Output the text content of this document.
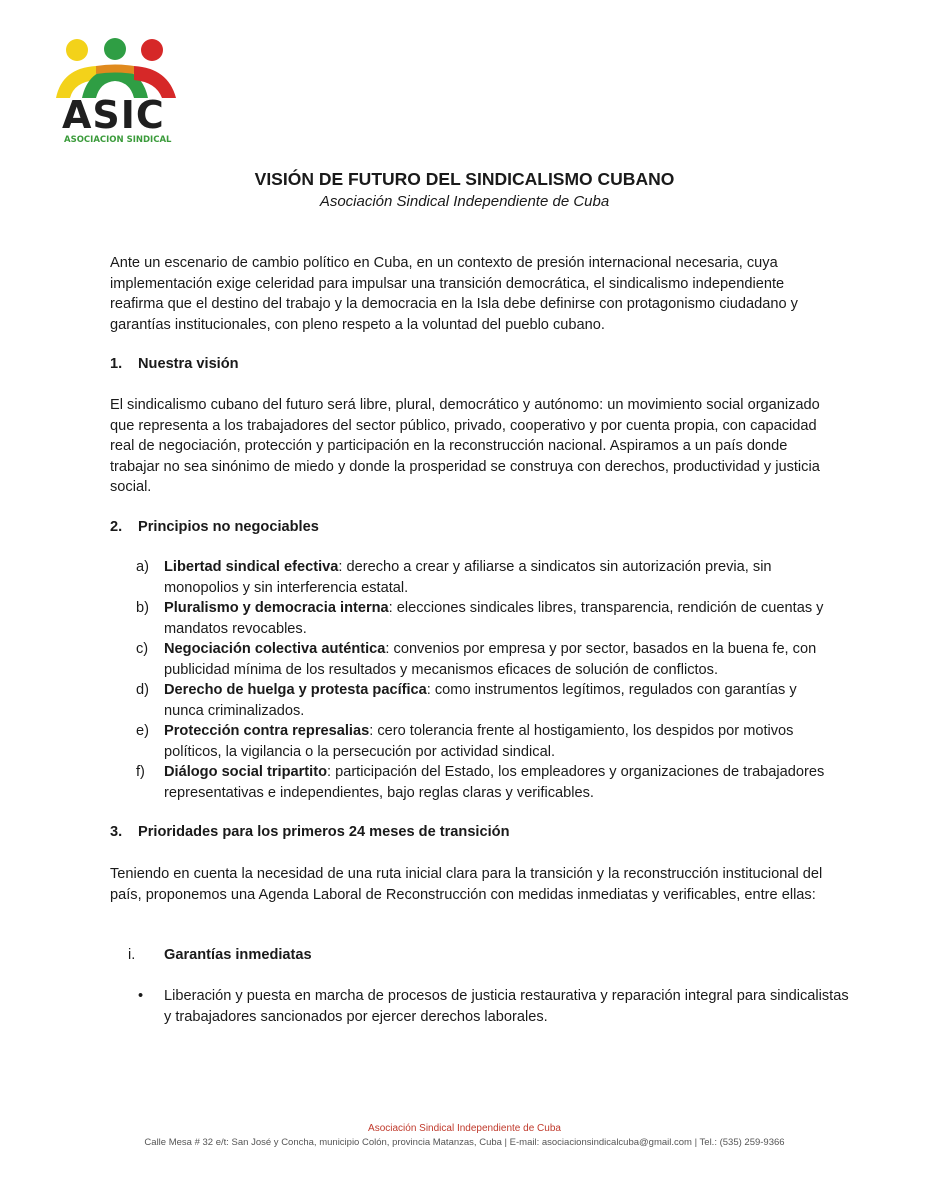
ASIC
ASOCIACION SINDICAL
VISIÓN DE FUTURO DEL SINDICALISMO CUBANO
Asociación Sindical Independiente de Cuba

Ante un escenario de cambio político en Cuba, en un contexto de presión internacional necesaria, cuya implementación exige celeridad para impulsar una transición democrática, el sindicalismo independiente reafirma que el destino del trabajo y la democracia en la Isla debe definirse con protagonismo ciudadano y garantías institucionales, con pleno respeto a la voluntad del pueblo cubano.

1. Nuestra visión

El sindicalismo cubano del futuro será libre, plural, democrático y autónomo: un movimiento social organizado que representa a los trabajadores del sector público, privado, cooperativo y por cuenta propia, con capacidad real de negociación, protección y participación en la reconstrucción nacional. Aspiramos a un país donde trabajar no sea sinónimo de miedo y donde la prosperidad se construya con derechos, productividad y justicia social.

2. Principios no negociables
a) Libertad sindical efectiva: derecho a crear y afiliarse a sindicatos sin autorización previa, sin monopolios y sin interferencia estatal.
b) Pluralismo y democracia interna: elecciones sindicales libres, transparencia, rendición de cuentas y mandatos revocables.
c) Negociación colectiva auténtica: convenios por empresa y por sector, basados en la buena fe, con publicidad mínima de los resultados y mecanismos eficaces de solución de conflictos.
d) Derecho de huelga y protesta pacífica: como instrumentos legítimos, regulados con garantías y nunca criminalizados.
e) Protección contra represalias: cero tolerancia frente al hostigamiento, los despidos por motivos políticos, la vigilancia o la persecución por actividad sindical.
f) Diálogo social tripartito: participación del Estado, los empleadores y organizaciones de trabajadores representativas e independientes, bajo reglas claras y verificables.
3. Prioridades para los primeros 24 meses de transición

Teniendo en cuenta la necesidad de una ruta inicial clara para la transición y la reconstrucción institucional del país, proponemos una Agenda Laboral de Reconstrucción con medidas inmediatas y verificables, entre ellas:

i. Garantías inmediatas
• Liberación y puesta en marcha de procesos de justicia restaurativa y reparación integral para sindicalistas y trabajadores sancionados por ejercer derechos laborales.
Asociación Sindical Independiente de Cuba
Calle Mesa # 32 e/t: San José y Concha, municipio Colón, provincia Matanzas, Cuba | E-mail: asociacionsindicalcuba@gmail.com | Tel.: (535) 259-9366
